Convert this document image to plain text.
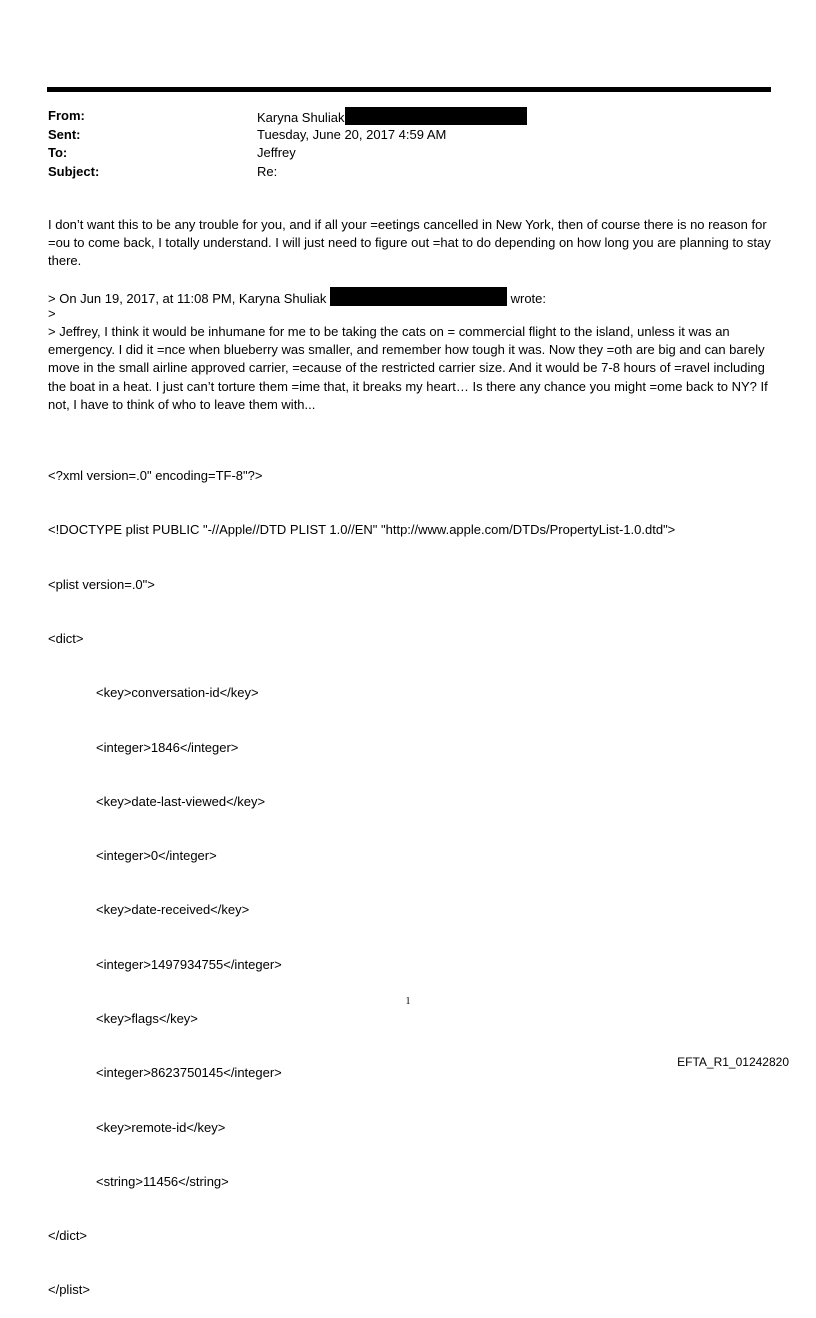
From:	Karyna Shuliak
Sent:	Tuesday, June 20, 2017 4:59 AM
To:	Jeffrey
Subject:	Re:
I don’t want this to be any trouble for you, and if all your =eetings cancelled in New York, then of course there is no reason for =ou to come back, I totally understand. I will just need to figure out =hat to do depending on how long you are planning to stay there.
> On Jun 19, 2017, at 11:08 PM, Karyna Shuliak	wrote:
>
> Jeffrey, I think it would be inhumane for me to be taking the cats on = commercial flight to the island, unless it was an emergency. I did it =nce when blueberry was smaller, and remember how tough it was. Now they =oth are big and can barely move in the small airline approved carrier, =ecause of the restricted carrier size. And it would be 7-8 hours of =ravel including the boat in a heat. I just can’t torture them =ime that, it breaks my heart… Is there any chance you might =ome back to NY? If not, I have to think of who to leave them with...

<?xml version=.0" encoding=TF-8"?>

<!DOCTYPE plist PUBLIC "-//Apple//DTD PLIST 1.0//EN" "http://www.apple.com/DTDs/PropertyList-1.0.dtd">

<plist version=.0">

<dict>

<key>conversation-id</key>

<integer>1846</integer>

<key>date-last-viewed</key>

<integer>0</integer>

<key>date-received</key>

<integer>1497934755</integer>

<key>flags</key>

<integer>8623750145</integer>

<key>remote-id</key>

<string>11456</string>

</dict>

</plist>

1
EFTA_R1_01242820
